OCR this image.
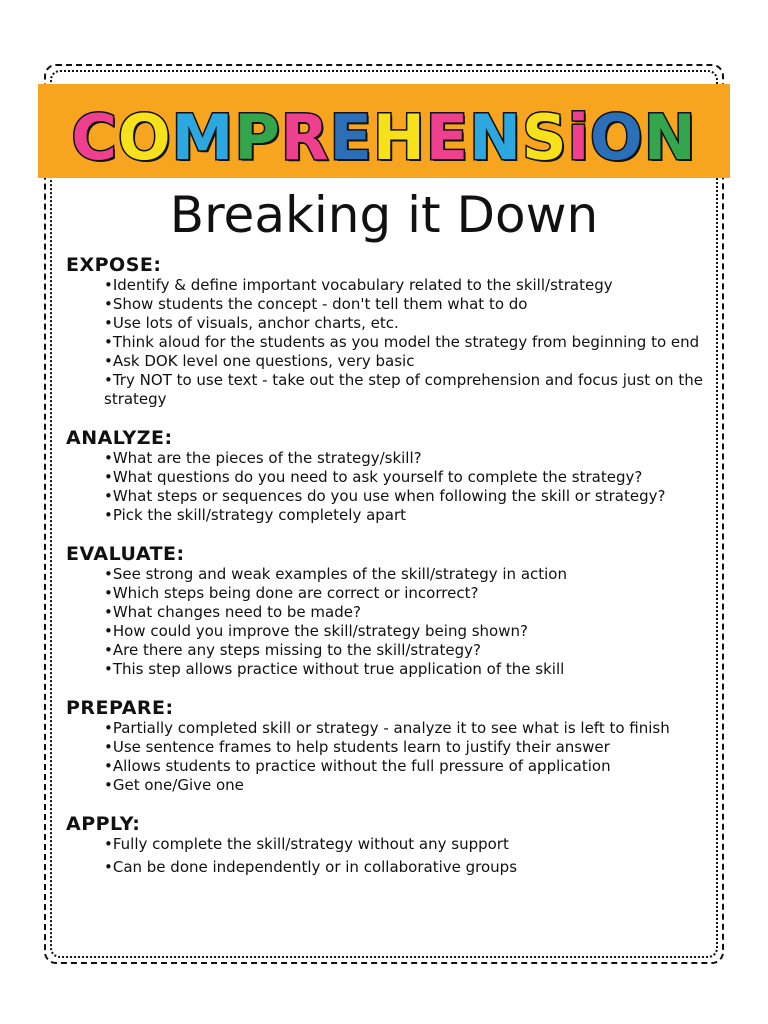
COMPREHENSiON
Breaking it Down
EXPOSE:
•Identify & define important vocabulary related to the skill/strategy
•Show students the concept - don't tell them what to do
•Use lots of visuals, anchor charts, etc.
•Think aloud for the students as you model the strategy from beginning to end
•Ask DOK level one questions, very basic
•Try NOT to use text - take out the step of comprehension and focus just on the strategy
ANALYZE:
•What are the pieces of the strategy/skill?
•What questions do you need to ask yourself to complete the strategy?
•What steps or sequences do you use when following the skill or strategy?
•Pick the skill/strategy completely apart
EVALUATE:
•See strong and weak examples of the skill/strategy in action
•Which steps being done are correct or incorrect?
•What changes need to be made?
•How could you improve the skill/strategy being shown?
•Are there any steps missing to the skill/strategy?
•This step allows practice without true application of the skill
PREPARE:
•Partially completed skill or strategy - analyze it to see what is left to finish
•Use sentence frames to help students learn to justify their answer
•Allows students to practice without the full pressure of application
•Get one/Give one
APPLY:
•Fully complete the skill/strategy without any support
•Can be done independently or in collaborative groups
